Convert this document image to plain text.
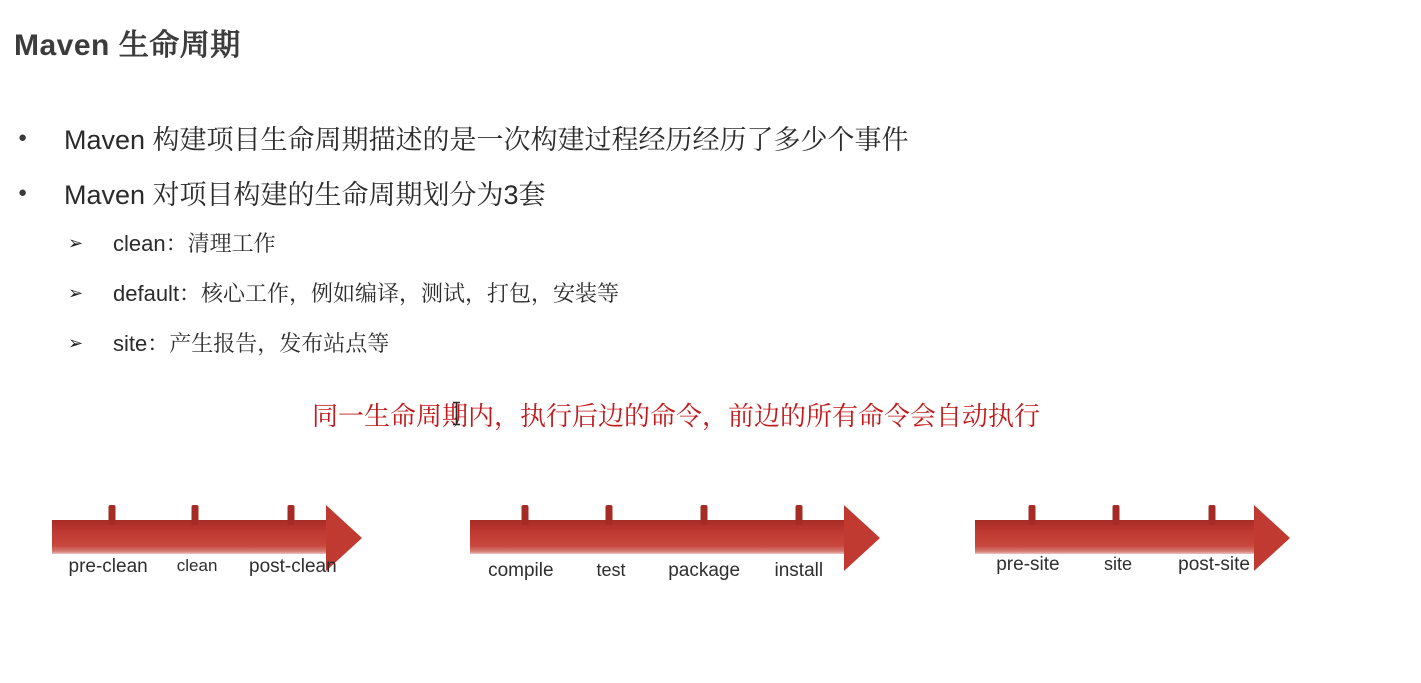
Maven 生命周期
●	Maven 构建项目生命周期描述的是一次构建过程经历经历了多少个事件
●	Maven 对项目构建的生命周期划分为3套
➢	clean：清理工作
➢	default：核心工作，例如编译，测试，打包，安装等
➢	site：产生报告，发布站点等
同一生命周期内，执行后边的命令，前边的所有命令会自动执行
pre-clean clean post-clean	compile test package install	pre-site site post-site
